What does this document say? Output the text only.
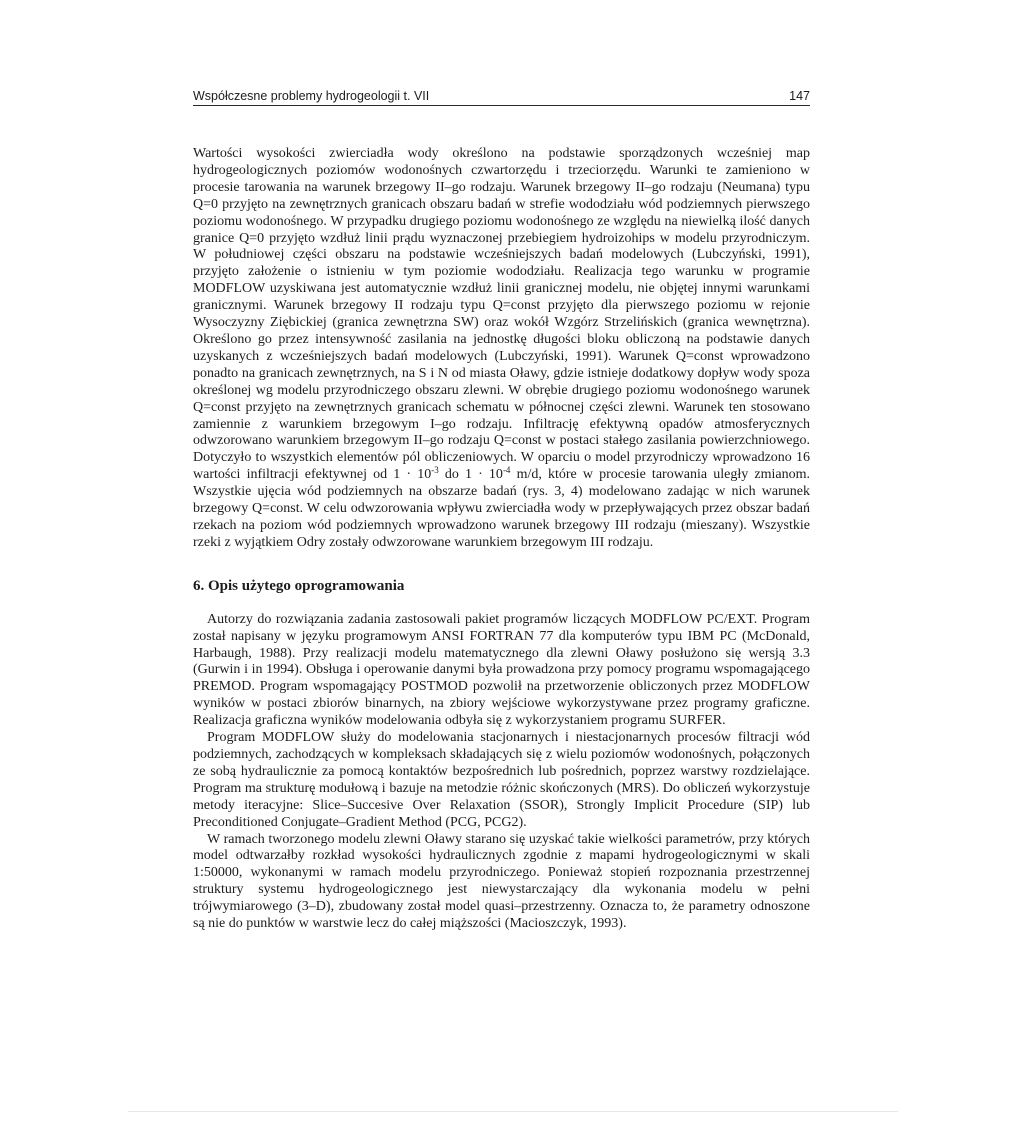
Współczesne problemy hydrogeologii t. VII	147

Wartości wysokości zwierciadła wody określono na podstawie sporządzonych wcześniej map hydrogeologicznych poziomów wodonośnych czwartorzędu i trzeciorzędu. Warunki te zamieniono w procesie tarowania na warunek brzegowy II–go rodzaju. Warunek brzegowy II–go rodzaju (Neumana) typu Q=0 przyjęto na zewnętrznych granicach obszaru badań w strefie wododziału wód podziemnych pierwszego poziomu wodonośnego. W przypadku drugiego poziomu wodonośnego ze względu na niewielką ilość danych granice Q=0 przyjęto wzdłuż linii prądu wyznaczonej przebiegiem hydroizohips w modelu przyrodniczym. W południowej części obszaru na podstawie wcześniejszych badań modelowych (Lubczyński, 1991), przyjęto założenie o istnieniu w tym poziomie wododziału. Realizacja tego warunku w programie MODFLOW uzyskiwana jest automatycznie wzdłuż linii granicznej modelu, nie objętej innymi warunkami granicznymi. Warunek brzegowy II rodzaju typu Q=const przyjęto dla pierwszego poziomu w rejonie Wysoczyzny Ziębickiej (granica zewnętrzna SW) oraz wokół Wzgórz Strzelińskich (granica wewnętrzna). Określono go przez intensywność zasilania na jednostkę długości bloku obliczoną na podstawie danych uzyskanych z wcześniejszych badań modelowych (Lubczyński, 1991). Warunek Q=const wprowadzono ponadto na granicach zewnętrznych, na S i N od miasta Oławy, gdzie istnieje dodatkowy dopływ wody spoza określonej wg modelu przyrodniczego obszaru zlewni. W obrębie drugiego poziomu wodonośnego warunek Q=const przyjęto na zewnętrznych granicach schematu w północnej części zlewni. Warunek ten stosowano zamiennie z warunkiem brzegowym I–go rodzaju. Infiltrację efektywną opadów atmosferycznych odwzorowano warunkiem brzegowym II–go rodzaju Q=const w postaci stałego zasilania powierzchniowego. Dotyczyło to wszystkich elementów pól obliczeniowych. W oparciu o model przyrodniczy wprowadzono 16 wartości infiltracji efektywnej od $1 \cdot 10^{-3}$ do $1 \cdot 10^{-4}$ m/d, które w procesie tarowania uległy zmianom. Wszystkie ujęcia wód podziemnych na obszarze badań (rys. 3, 4) modelowano zadając w nich warunek brzegowy Q=const. W celu odwzorowania wpływu zwierciadła wody w przepływających przez obszar badań rzekach na poziom wód podziemnych wprowadzono warunek brzegowy III rodzaju (mieszany). Wszystkie rzeki z wyjątkiem Odry zostały odwzorowane warunkiem brzegowym III rodzaju.

6. Opis użytego oprogramowania

Autorzy do rozwiązania zadania zastosowali pakiet programów liczących MODFLOW PC/EXT. Program został napisany w języku programowym ANSI FORTRAN 77 dla komputerów typu IBM PC (McDonald, Harbaugh, 1988). Przy realizacji modelu matematycznego dla zlewni Oławy posłużono się wersją 3.3 (Gurwin i in 1994). Obsługa i operowanie danymi była prowadzona przy pomocy programu wspomagającego PREMOD. Program wspomagający POSTMOD pozwolił na przetworzenie obliczonych przez MODFLOW wyników w postaci zbiorów binarnych, na zbiory wejściowe wykorzystywane przez programy graficzne. Realizacja graficzna wyników modelowania odbyła się z wykorzystaniem programu SURFER.

Program MODFLOW służy do modelowania stacjonarnych i niestacjonarnych procesów filtracji wód podziemnych, zachodzących w kompleksach składających się z wielu poziomów wodonośnych, połączonych ze sobą hydraulicznie za pomocą kontaktów bezpośrednich lub pośrednich, poprzez warstwy rozdzielające. Program ma strukturę modułową i bazuje na metodzie różnic skończonych (MRS). Do obliczeń wykorzystuje metody iteracyjne: Slice–Succesive Over Relaxation (SSOR), Strongly Implicit Procedure (SIP) lub Preconditioned Conjugate–Gradient Method (PCG, PCG2).

W ramach tworzonego modelu zlewni Oławy starano się uzyskać takie wielkości parametrów, przy których model odtwarzałby rozkład wysokości hydraulicznych zgodnie z mapami hydrogeologicznymi w skali 1:50000, wykonanymi w ramach modelu przyrodniczego. Ponieważ stopień rozpoznania przestrzennej struktury systemu hydrogeologicznego jest niewystarczający dla wykonania modelu w pełni trójwymiarowego (3–D), zbudowany został model quasi–przestrzenny. Oznacza to, że parametry odnoszone są nie do punktów w warstwie lecz do całej miąższości (Macioszczyk, 1993).
